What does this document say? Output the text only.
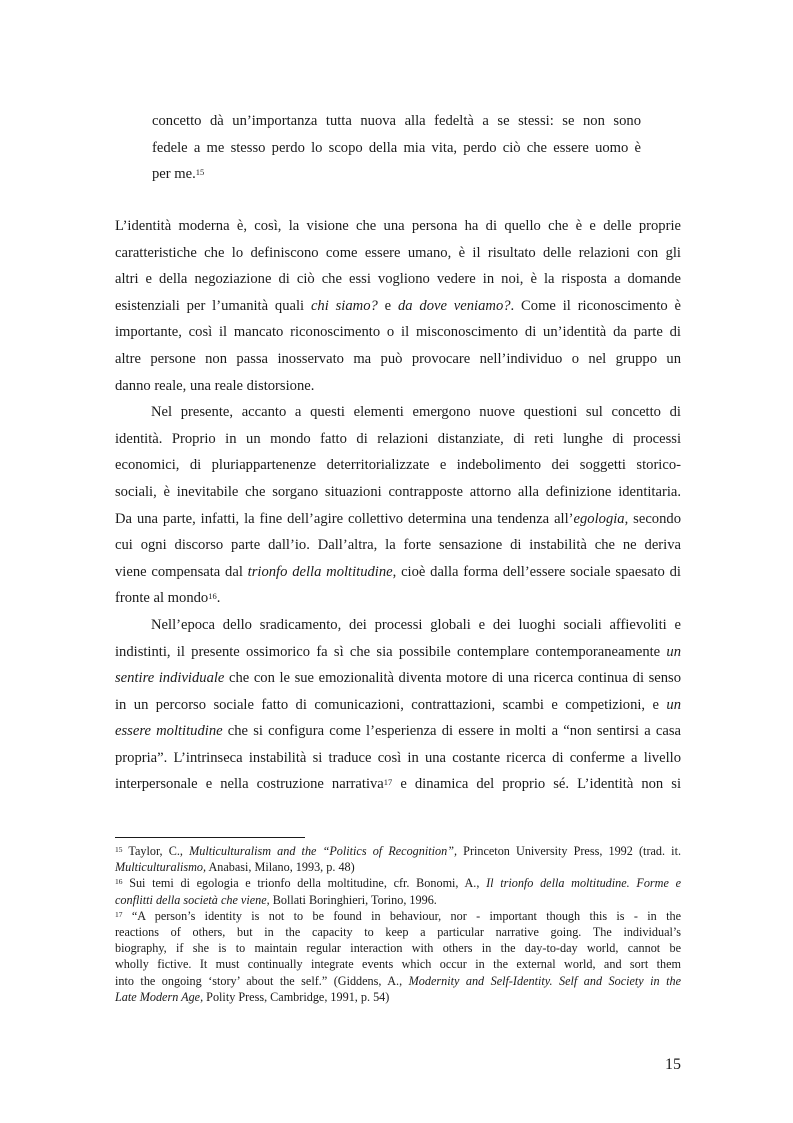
concetto dà un’importanza tutta nuova alla fedeltà a se stessi: se non sono
fedele a me stesso perdo lo scopo della mia vita, perdo ciò che essere uomo è
per me.$^{15}$
L’identità moderna è, così, la visione che una persona ha di quello che è e delle proprie
caratteristiche che lo definiscono come essere umano, è il risultato delle relazioni con gli
altri e della negoziazione di ciò che essi vogliono vedere in noi, è la risposta a domande
esistenziali per l’umanità quali chi siamo? e da dove veniamo?. Come il riconoscimento è
importante, così il mancato riconoscimento o il misconoscimento di un’identità da parte di
altre persone non passa inosservato ma può provocare nell’individuo o nel gruppo un
danno reale, una reale distorsione.
Nel presente, accanto a questi elementi emergono nuove questioni sul concetto di
identità. Proprio in un mondo fatto di relazioni distanziate, di reti lunghe di processi
economici, di pluriappartenenze deterritorializzate e indebolimento dei soggetti storico-
sociali, è inevitabile che sorgano situazioni contrapposte attorno alla definizione identitaria.
Da una parte, infatti, la fine dell’agire collettivo determina una tendenza all’egologia, secondo
cui ogni discorso parte dall’io. Dall’altra, la forte sensazione di instabilità che ne deriva
viene compensata dal trionfo della moltitudine, cioè dalla forma dell’essere sociale spaesato di
fronte al mondo$^{16}$.
Nell’epoca dello sradicamento, dei processi globali e dei luoghi sociali affievoliti e
indistinti, il presente ossimorico fa sì che sia possibile contemplare contemporaneamente un
sentire individuale che con le sue emozionalità diventa motore di una ricerca continua di senso
in un percorso sociale fatto di comunicazioni, contrattazioni, scambi e competizioni, e un
essere moltitudine che si configura come l’esperienza di essere in molti a “non sentirsi a casa
propria”. L’intrinseca instabilità si traduce così in una costante ricerca di conferme a livello
interpersonale e nella costruzione narrativa$^{17}$ e dinamica del proprio sé. L’identità non si
$^{15}$ Taylor, C., Multiculturalism and the “Politics of Recognition”, Princeton University Press, 1992 (trad. it.
Multiculturalismo, Anabasi, Milano, 1993, p. 48)
$^{16}$ Sui temi di egologia e trionfo della moltitudine, cfr. Bonomi, A., Il trionfo della moltitudine. Forme e
conflitti della società che viene, Bollati Boringhieri, Torino, 1996.
$^{17}$ “A person’s identity is not to be found in behaviour, nor - important though this is - in the
reactions of others, but in the capacity to keep a particular narrative going. The individual’s
biography, if she is to maintain regular interaction with others in the day-to-day world, cannot be
wholly fictive. It must continually integrate events which occur in the external world, and sort them
into the ongoing ‘story’ about the self.” (Giddens, A., Modernity and Self-Identity. Self and Society in the
Late Modern Age, Polity Press, Cambridge, 1991, p. 54)
15
